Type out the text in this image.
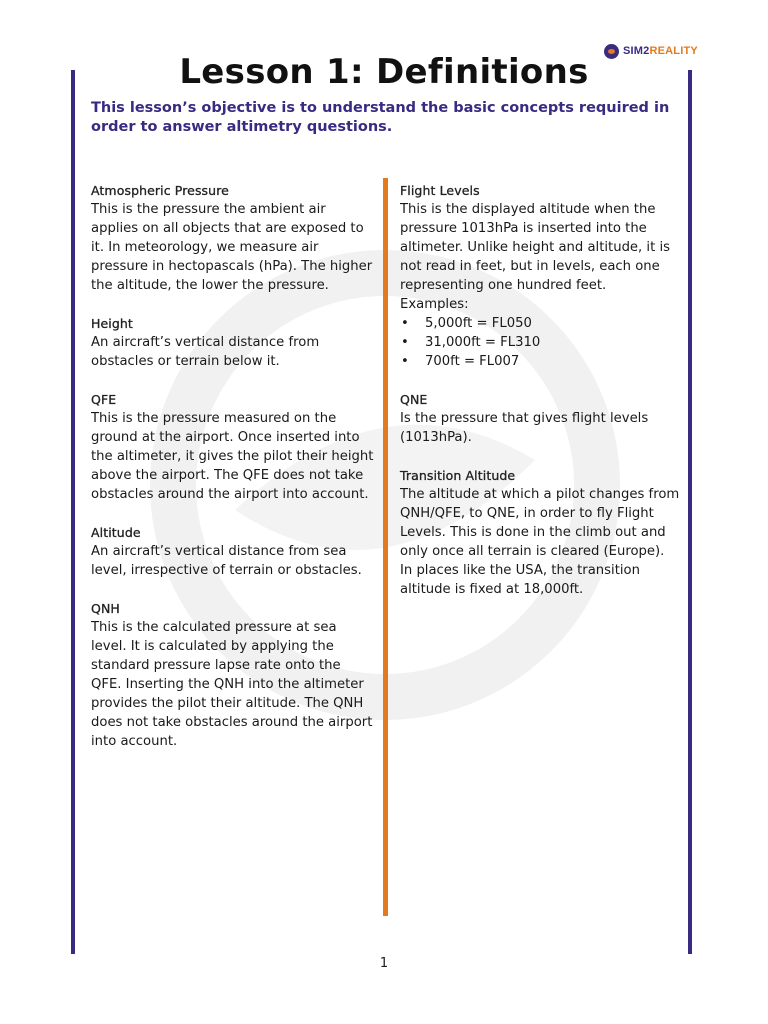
SIM2REALITY
Lesson 1: Definitions

This lesson’s objective is to understand the basic concepts required in order to answer altimetry questions.

Atmospheric Pressure

This is the pressure the ambient air applies on all objects that are exposed to it. In meteorology, we measure air pressure in hectopascals (hPa). The higher the altitude, the lower the pressure.

Height

An aircraft’s vertical distance from obstacles or terrain below it.

QFE

This is the pressure measured on the ground at the airport. Once inserted into the altimeter, it gives the pilot their height above the airport. The QFE does not take obstacles around the airport into account.

Altitude

An aircraft’s vertical distance from sea level, irrespective of terrain or obstacles.

QNH

This is the calculated pressure at sea level. It is calculated by applying the standard pressure lapse rate onto the QFE. Inserting the QNH into the altimeter provides the pilot their altitude. The QNH does not take obstacles around the airport into account.

Flight Levels

This is the displayed altitude when the pressure 1013hPa is inserted into the altimeter. Unlike height and altitude, it is not read in feet, but in levels, each one representing one hundred feet.

Examples:
• 5,000ft = FL050
• 31,000ft = FL310
• 700ft = FL007
QNE

Is the pressure that gives flight levels (1013hPa).

Transition Altitude

The altitude at which a pilot changes from QNH/QFE, to QNE, in order to fly Flight Levels. This is done in the climb out and only once all terrain is cleared (Europe). In places like the USA, the transition altitude is fixed at 18,000ft.

1
